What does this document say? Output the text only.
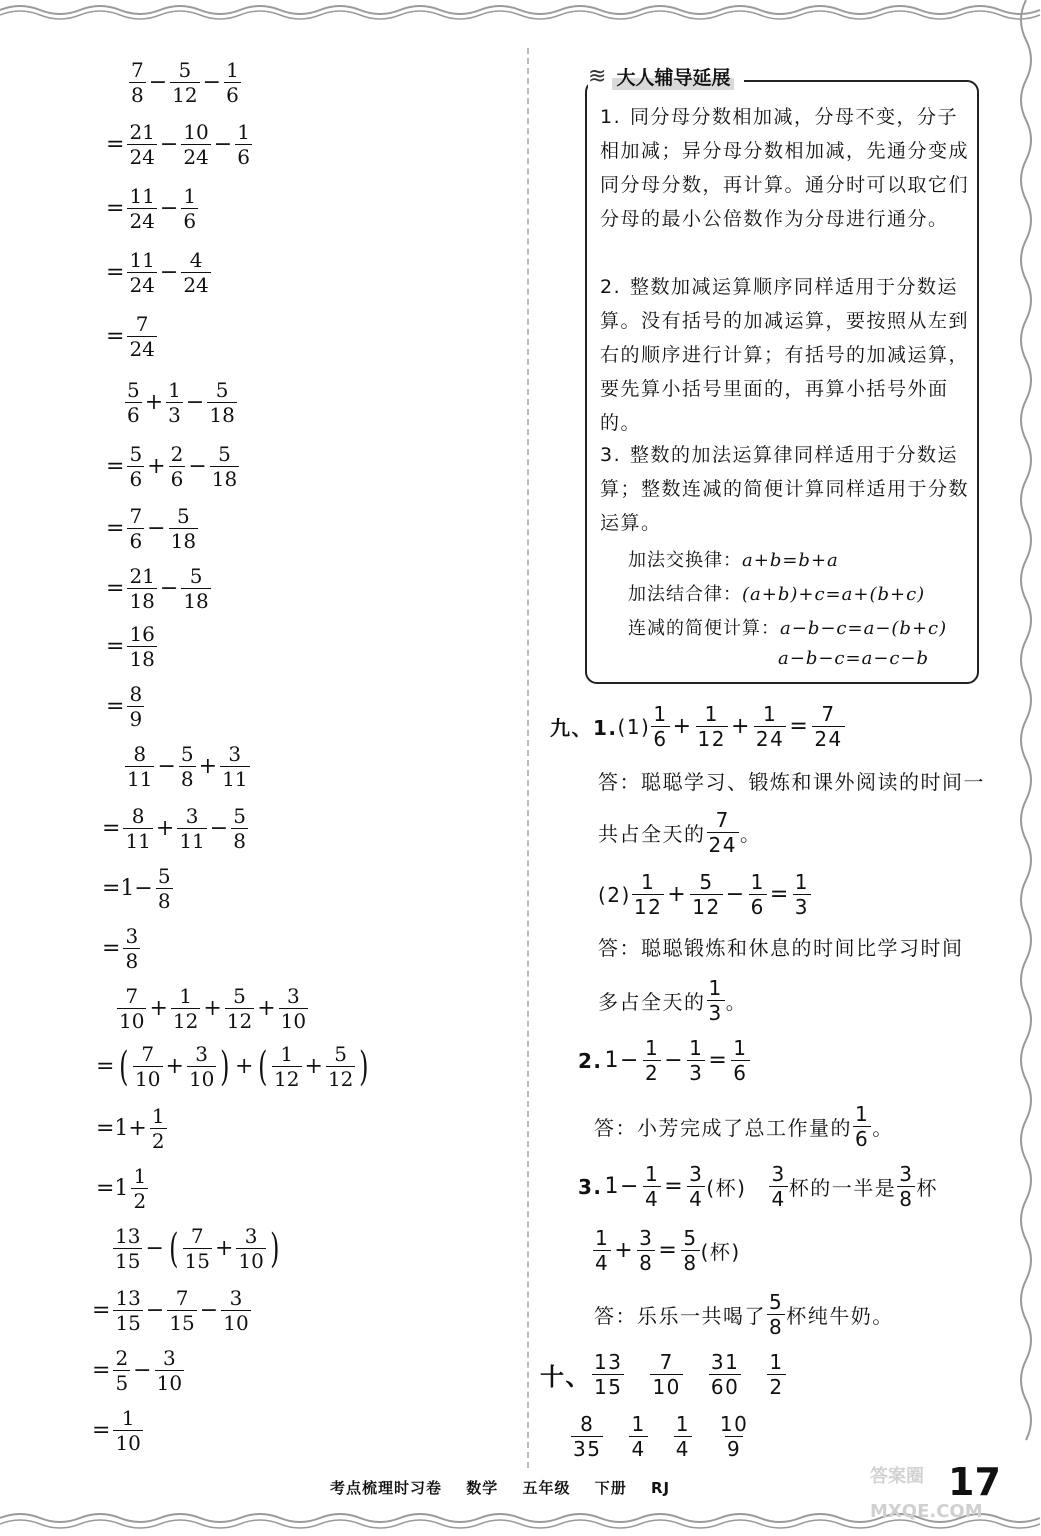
$\frac{7}{8} - \frac{5}{12} - \frac{1}{6}$
= $\frac{21}{24} - \frac{10}{24} - \frac{1}{6}$
= $\frac{11}{24} - \frac{1}{6}$
= $\frac{11}{24} - \frac{4}{24}$
= $\frac{7}{24}$
$\frac{5}{6} + \frac{1}{3} - \frac{5}{18}$
= $\frac{5}{6} + \frac{2}{6} - \frac{5}{18}$
= $\frac{7}{6} - \frac{5}{18}$
= $\frac{21}{18} - \frac{5}{18}$
= $\frac{16}{18}$
= $\frac{8}{9}$
$\frac{8}{11} - \frac{5}{8} + \frac{3}{11}$
= $\frac{8}{11} + \frac{3}{11} - \frac{5}{8}$
$=1- \frac{5}{8}$
= $\frac{3}{8}$
$\frac{7}{10} + \frac{1}{12} + \frac{5}{12} + \frac{3}{10}$
= ( $\frac{7}{10} + \frac{3}{10}$ ) + ( $\frac{1}{12} + \frac{5}{12}$ )
$=1+ \frac{1}{2}$
$=1 \frac{1}{2}$
$\frac{13}{15}$ − ( $\frac{7}{15} + \frac{3}{10}$ )
= $\frac{13}{15} - \frac{7}{15} - \frac{3}{10}$
= $\frac{2}{5} - \frac{3}{10}$
= $\frac{1}{10}$
≋ 大人辅导延展

1. 同分母分数相加减，分母不变，分子相加减；异分母分数相加减，先通分变成同分母分数，再计算。通分时可以取它们分母的最小公倍数作为分母进行通分。

2. 整数加减运算顺序同样适用于分数运算。没有括号的加减运算，要按照从左到右的顺序进行计算；有括号的加减运算，要先算小括号里面的，再算小括号外面的。

3. 整数的加法运算律同样适用于分数运算；整数连减的简便计算同样适用于分数运算。

加法交换律：a+b=b+a
加法结合律：(a+b)+c=a+(b+c)
连减的简便计算：a−b−c=a−(b+c)
a−b−c=a−c−b
九、1. $(1) \frac{1}{6} + \frac{1}{12} + \frac{1}{24} = \frac{7}{24}$
答：聪聪学习、锻炼和课外阅读的时间一
共占全天的 $\frac{7}{24}$ 。
$(2) \frac{1}{12} + \frac{5}{12} - \frac{1}{6} = \frac{1}{3}$
答：聪聪锻炼和休息的时间比学习时间
多占全天的 $\frac{1}{3}$ 。
2. $1- \frac{1}{2} - \frac{1}{3} = \frac{1}{6}$
答：小芳完成了总工作量的 $\frac{1}{6}$ 。
3. $1- \frac{1}{4} = \frac{3}{4}$ (杯) $\frac{3}{4}$ 杯的一半是 $\frac{3}{8}$ 杯
$\frac{1}{4} + \frac{3}{8} = \frac{5}{8}$ (杯)
答：乐乐一共喝了 $\frac{5}{8}$ 杯纯牛奶。
十、 $\frac{13}{15} \frac{7}{10} \frac{31}{60} \frac{1}{2}$
$\frac{8}{35} \frac{1}{4} \frac{1}{4} \frac{10}{9}$
考点梳理时习卷 数学 五年级 下册 RJ
答案圈 MXQE.COM
17
